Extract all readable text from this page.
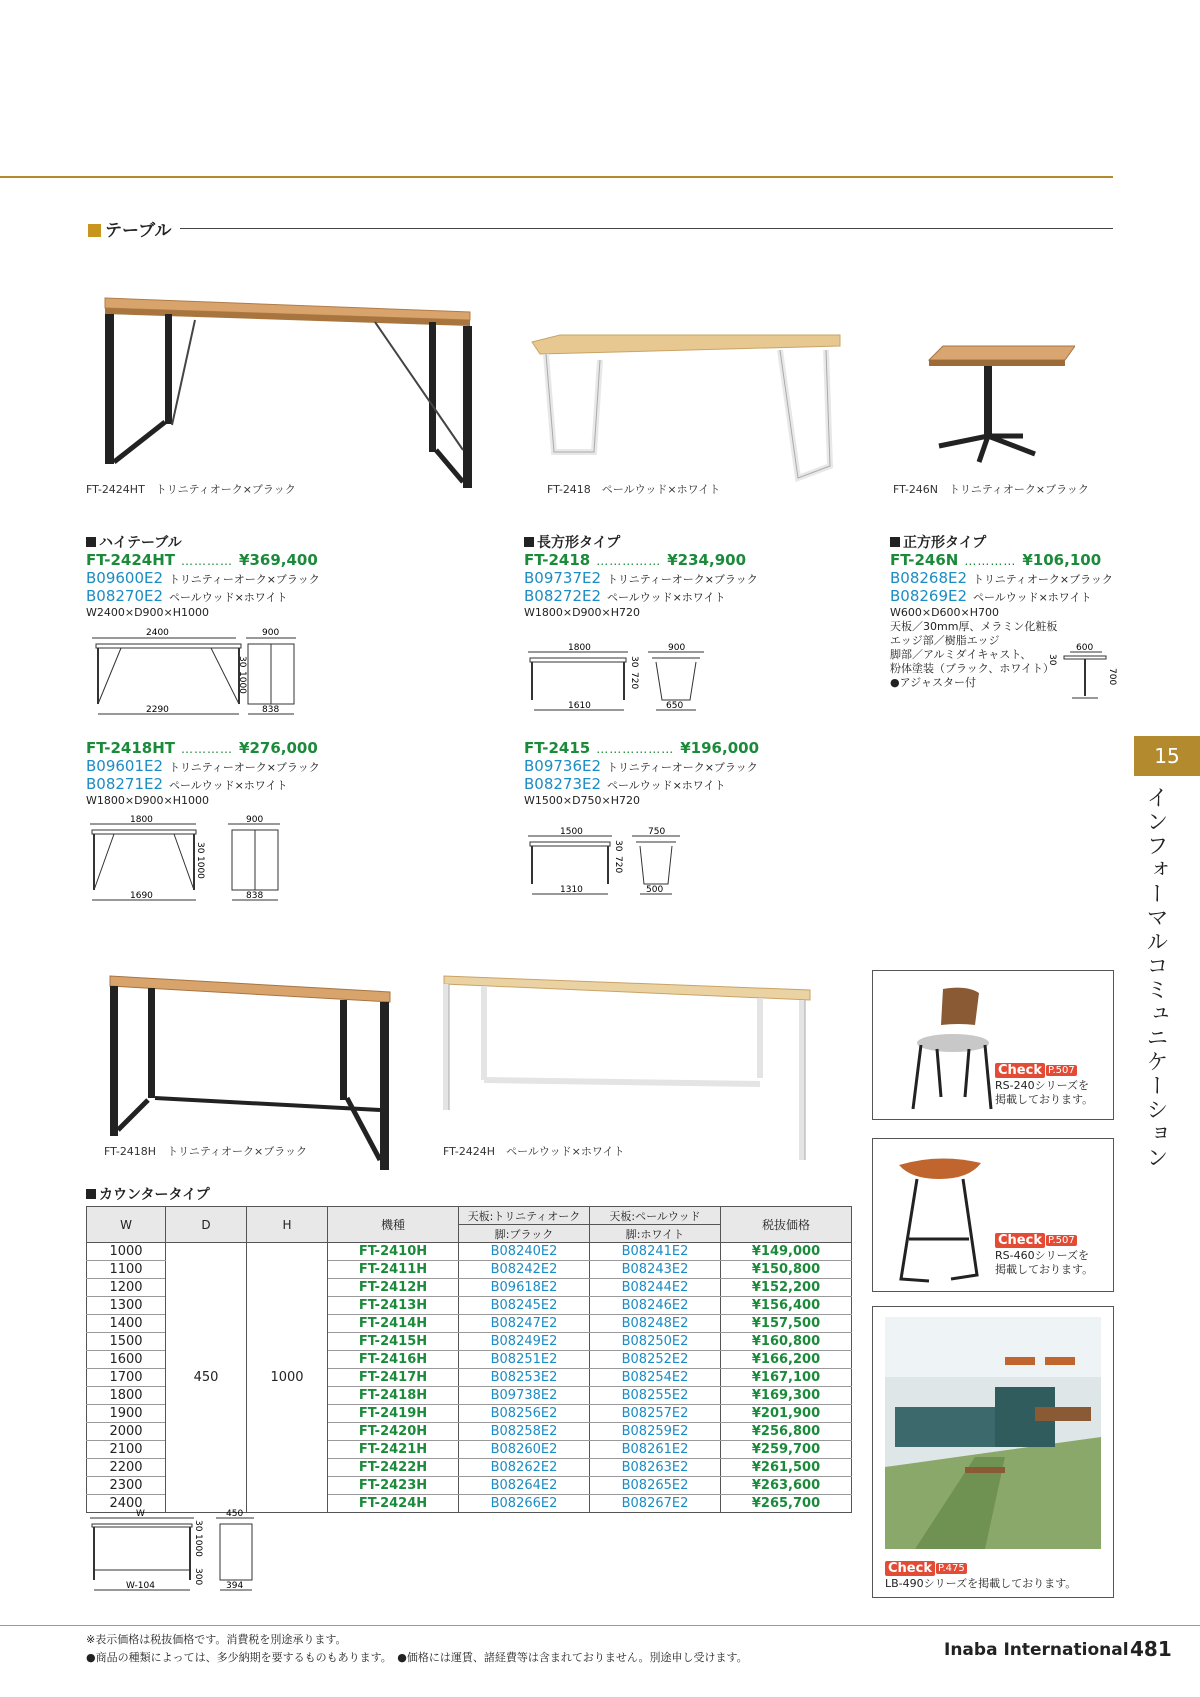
テーブル
FT-2424HT　トリニティオーク×ブラック	FT-2418　ペールウッド×ホワイト	FT-246N　トリニティオーク×ブラック
ハイテーブル
FT-2424HT ………… ¥369,400
B09600E2 トリニティーオーク×ブラック
B08270E2 ペールウッド×ホワイト
W2400×D900×H1000
2400
2290
30
1000
900
838
FT-2418HT ………… ¥276,000
B09601E2 トリニティーオーク×ブラック
B08271E2 ペールウッド×ホワイト
W1800×D900×H1000
1800
1690
30
1000
900
838
長方形タイプ
FT-2418 …………… ¥234,900
B09737E2 トリニティーオーク×ブラック
B08272E2 ペールウッド×ホワイト
W1800×D900×H720
1800
1610
30
720
900
650
FT-2415 ……………… ¥196,000
B09736E2 トリニティーオーク×ブラック
B08273E2 ペールウッド×ホワイト
W1500×D750×H720
1500
1310
30
720
750
500
正方形タイプ
FT-246N ………… ¥106,100
B08268E2 トリニティオーク×ブラック
B08269E2 ペールウッド×ホワイト
W600×D600×H700
天板／30mm厚、メラミン化粧板
エッジ部／樹脂エッジ
脚部／アルミダイキャスト、
粉体塗装（ブラック、ホワイト）
●アジャスター付
600
30
700
15
インフォーマルコミュニケーション
FT-2418H　トリニティオーク×ブラック	FT-2424H　ペールウッド×ホワイト
カウンタータイプ
W	D	H	機種	天板:トリニティオーク	天板:ペールウッド	税抜価格
				脚:ブラック	脚:ホワイト	
1000	450	1000	FT-2410H	B08240E2	B08241E2	¥149,000
1100			FT-2411H	B08242E2	B08243E2	¥150,800
1200			FT-2412H	B09618E2	B08244E2	¥152,200
1300			FT-2413H	B08245E2	B08246E2	¥156,400
1400			FT-2414H	B08247E2	B08248E2	¥157,500
1500			FT-2415H	B08249E2	B08250E2	¥160,800
1600			FT-2416H	B08251E2	B08252E2	¥166,200
1700			FT-2417H	B08253E2	B08254E2	¥167,100
1800			FT-2418H	B09738E2	B08255E2	¥169,300
1900			FT-2419H	B08256E2	B08257E2	¥201,900
2000			FT-2420H	B08258E2	B08259E2	¥256,800
2100			FT-2421H	B08260E2	B08261E2	¥259,700
2200			FT-2422H	B08262E2	B08263E2	¥261,500
2300			FT-2423H	B08264E2	B08265E2	¥263,600
2400			FT-2424H	B08266E2	B08267E2	¥265,700
W
W-104
30
1000
300
450
394
Check P.507
RS-240シリーズを
掲載しております。
Check P.507
RS-460シリーズを
掲載しております。
Check P.475
LB-490シリーズを掲載しております。
※表示価格は税抜価格です。消費税を別途承ります。
●商品の種類によっては、多少納期を要するものもあります。　●価格には運賃、諸経費等は含まれておりません。別途申し受けます。	Inaba International 481
